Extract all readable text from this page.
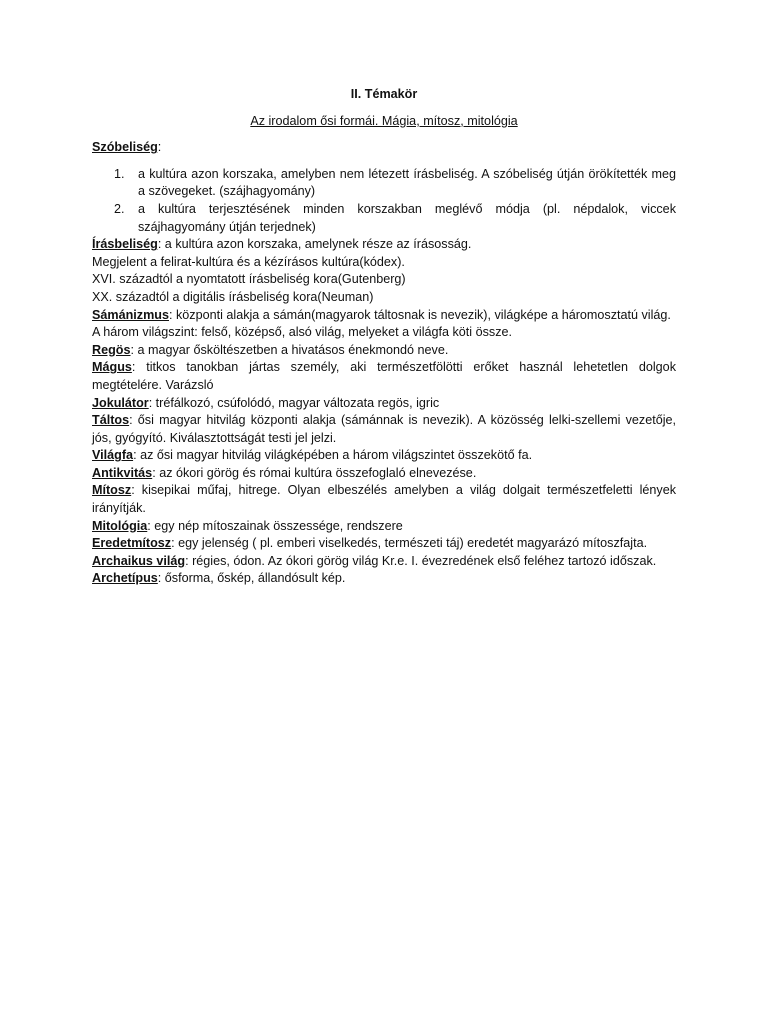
II. Témakör
Az irodalom ősi formái. Mágia, mítosz, mitológia
Szóbeliség:
1. a kultúra azon korszaka, amelyben nem létezett írásbeliség. A szóbeliség útján örökítették meg a szövegeket. (szájhagyomány)
2. a kultúra terjesztésének minden korszakban meglévő módja (pl. népdalok, viccek szájhagyomány útján terjednek)

Írásbeliség: a kultúra azon korszaka, amelynek része az írásosság.

Megjelent a felirat-kultúra és a kézírásos kultúra(kódex).

XVI. századtól a nyomtatott írásbeliség kora(Gutenberg)

XX. századtól a digitális írásbeliség kora(Neuman)

Sámánizmus: központi alakja a sámán(magyarok táltosnak is nevezik), világképe a háromosztatú világ.

A három világszint: felső, középső, alsó világ, melyeket a világfa köti össze.

Regös: a magyar ősköltészetben a hivatásos énekmondó neve.

Mágus: titkos tanokban jártas személy, aki természetfölötti erőket használ lehetetlen dolgok megtételére. Varázsló

Jokulátor: tréfálkozó, csúfolódó, magyar változata regös, igric

Táltos: ősi magyar hitvilág központi alakja (sámánnak is nevezik). A közösség lelki-szellemi vezetője, jós, gyógyító. Kiválasztottságát testi jel jelzi.

Világfa: az ősi magyar hitvilág világképében a három világszintet összekötő fa.

Antikvitás: az ókori görög és római kultúra összefoglaló elnevezése.

Mítosz: kisepikai műfaj, hitrege. Olyan elbeszélés amelyben a világ dolgait természetfeletti lények irányítják.

Mitológia: egy nép mítoszainak összessége, rendszere

Eredetmítosz: egy jelenség ( pl. emberi viselkedés, természeti táj) eredetét magyarázó mítoszfajta.

Archaikus világ: régies, ódon. Az ókori görög világ Kr.e. I. évezredének első feléhez tartozó időszak.

Archetípus: ősforma, őskép, állandósult kép.
